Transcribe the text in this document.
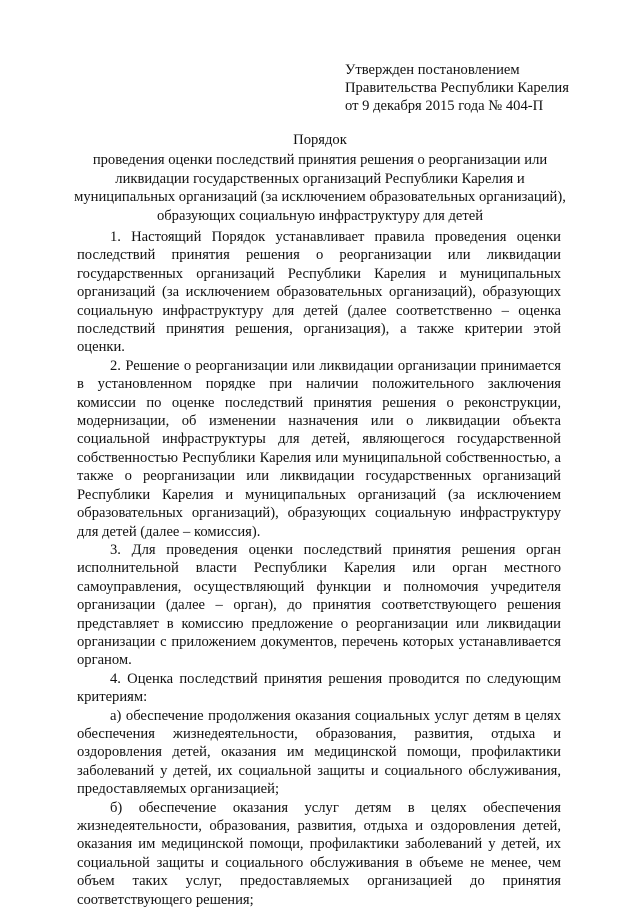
Утвержден постановлением
Правительства Республики Карелия
от 9 декабря 2015 года № 404-П
Порядок
проведения оценки последствий принятия решения о реорганизации или
ликвидации государственных организаций Республики Карелия и
муниципальных организаций (за исключением образовательных организаций),
образующих социальную инфраструктуру для детей

1. Настоящий Порядок устанавливает правила проведения оценки последствий принятия решения о реорганизации или ликвидации государственных организаций Республики Карелия и муниципальных организаций (за исключением образовательных организаций), образующих социальную инфраструктуру для детей (далее соответственно – оценка последствий принятия решения, организация), а также критерии этой оценки.

2. Решение о реорганизации или ликвидации организации принимается в установленном порядке при наличии положительного заключения комиссии по оценке последствий принятия решения о реконструкции, модернизации, об изменении назначения или о ликвидации объекта социальной инфраструктуры для детей, являющегося государственной собственностью Республики Карелия или муниципальной собственностью, а также о реорганизации или ликвидации государственных организаций Республики Карелия и муниципальных организаций (за исключением образовательных организаций), образующих социальную инфраструктуру для детей (далее – комиссия).

3. Для проведения оценки последствий принятия решения орган исполнительной власти Республики Карелия или орган местного самоуправления, осуществляющий функции и полномочия учредителя организации (далее – орган), до принятия соответствующего решения представляет в комиссию предложение о реорганизации или ликвидации организации с приложением документов, перечень которых устанавливается органом.

4. Оценка последствий принятия решения проводится по следующим критериям:

а) обеспечение продолжения оказания социальных услуг детям в целях обеспечения жизнедеятельности, образования, развития, отдыха и оздоровления детей, оказания им медицинской помощи, профилактики заболеваний у детей, их социальной защиты и социального обслуживания, предоставляемых организацией;

б) обеспечение оказания услуг детям в целях обеспечения жизнедеятельности, образования, развития, отдыха и оздоровления детей, оказания им медицинской помощи, профилактики заболеваний у детей, их социальной защиты и социального обслуживания в объеме не менее, чем объем таких услуг, предоставляемых организацией до принятия соответствующего решения;
